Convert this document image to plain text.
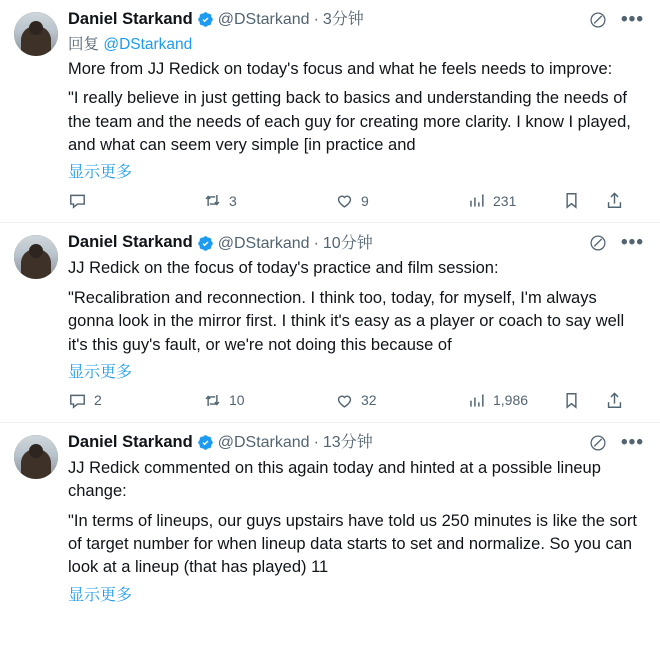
Daniel Starkand @DStarkand · 3分钟	•••
回复 @DStarkand

More from JJ Redick on today's focus and what he feels needs to improve:

"I really believe in just getting back to basics and understanding the needs of the team and the needs of each guy for creating more clarity. I know I played, and what can seem very simple [in practice and

显示更多
3	9	231
Daniel Starkand @DStarkand · 10分钟	•••

JJ Redick on the focus of today's practice and film session:

"Recalibration and reconnection. I think too, today, for myself, I'm always gonna look in the mirror first. I think it's easy as a player or coach to say well it's this guy's fault, or we're not doing this because of

显示更多
2	10	32	1,986
Daniel Starkand @DStarkand · 13分钟	•••

JJ Redick commented on this again today and hinted at a possible lineup change:

"In terms of lineups, our guys upstairs have told us 250 minutes is like the sort of target number for when lineup data starts to set and normalize. So you can look at a lineup (that has played) 11

显示更多
